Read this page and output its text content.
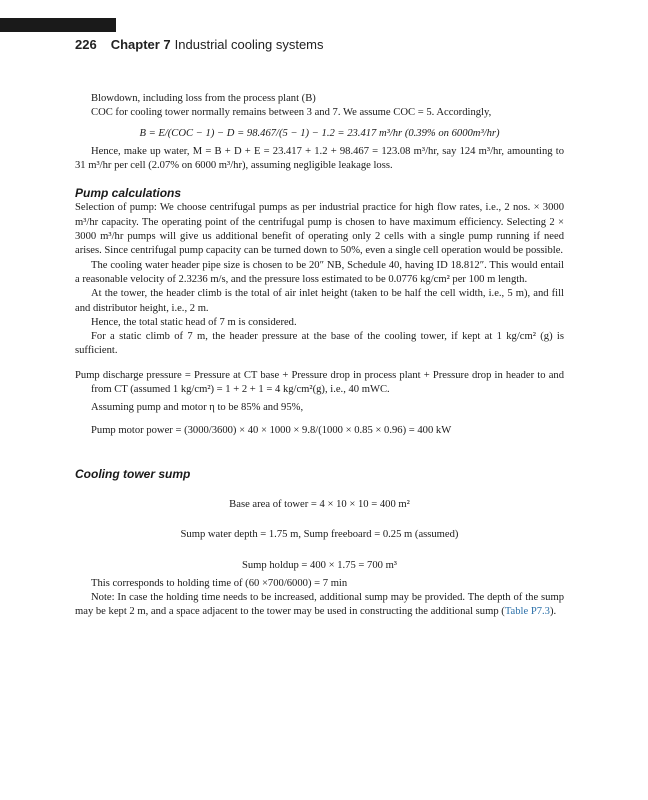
226 Chapter 7 Industrial cooling systems

Blowdown, including loss from the process plant (B)

COC for cooling tower normally remains between 3 and 7. We assume COC = 5. Accordingly,

B = E/(COC − 1) − D = 98.467/(5 − 1) − 1.2 = 23.417 m³/hr (0.39% on 6000m³/hr)

Hence, make up water, M = B + D + E = 23.417 + 1.2 + 98.467 = 123.08 m³/hr, say 124 m³/hr, amounting to 31 m³/hr per cell (2.07% on 6000 m³/hr), assuming negligible leakage loss.

Pump calculations

Selection of pump: We choose centrifugal pumps as per industrial practice for high flow rates, i.e., 2 nos. × 3000 m³/hr capacity. The operating point of the centrifugal pump is chosen to have maximum efficiency. Selecting 2 × 3000 m³/hr pumps will give us additional benefit of operating only 2 cells with a single pump running if need arises. Since centrifugal pump capacity can be turned down to 50%, even a single cell operation would be possible.

The cooling water header pipe size is chosen to be 20″ NB, Schedule 40, having ID 18.812″. This would entail a reasonable velocity of 2.3236 m/s, and the pressure loss estimated to be 0.0776 kg/cm² per 100 m length.

At the tower, the header climb is the total of air inlet height (taken to be half the cell width, i.e., 5 m), and fill and distributor height, i.e., 2 m.

Hence, the total static head of 7 m is considered.

For a static climb of 7 m, the header pressure at the base of the cooling tower, if kept at 1 kg/cm² (g) is sufficient.

Pump discharge pressure = Pressure at CT base + Pressure drop in process plant + Pressure drop in header to and from CT (assumed 1 kg/cm²) = 1 + 2 + 1 = 4 kg/cm²(g), i.e., 40 mWC.

Assuming pump and motor η to be 85% and 95%,

Pump motor power = (3000/3600) × 40 × 1000 × 9.8/(1000 × 0.85 × 0.96) = 400 kW

Cooling tower sump

Base area of tower = 4 × 10 × 10 = 400 m²

Sump water depth = 1.75 m, Sump freeboard = 0.25 m (assumed)

Sump holdup = 400 × 1.75 = 700 m³

This corresponds to holding time of (60 ×700/6000) = 7 min

Note: In case the holding time needs to be increased, additional sump may be provided. The depth of the sump may be kept 2 m, and a space adjacent to the tower may be used in constructing the additional sump (Table P7.3).
